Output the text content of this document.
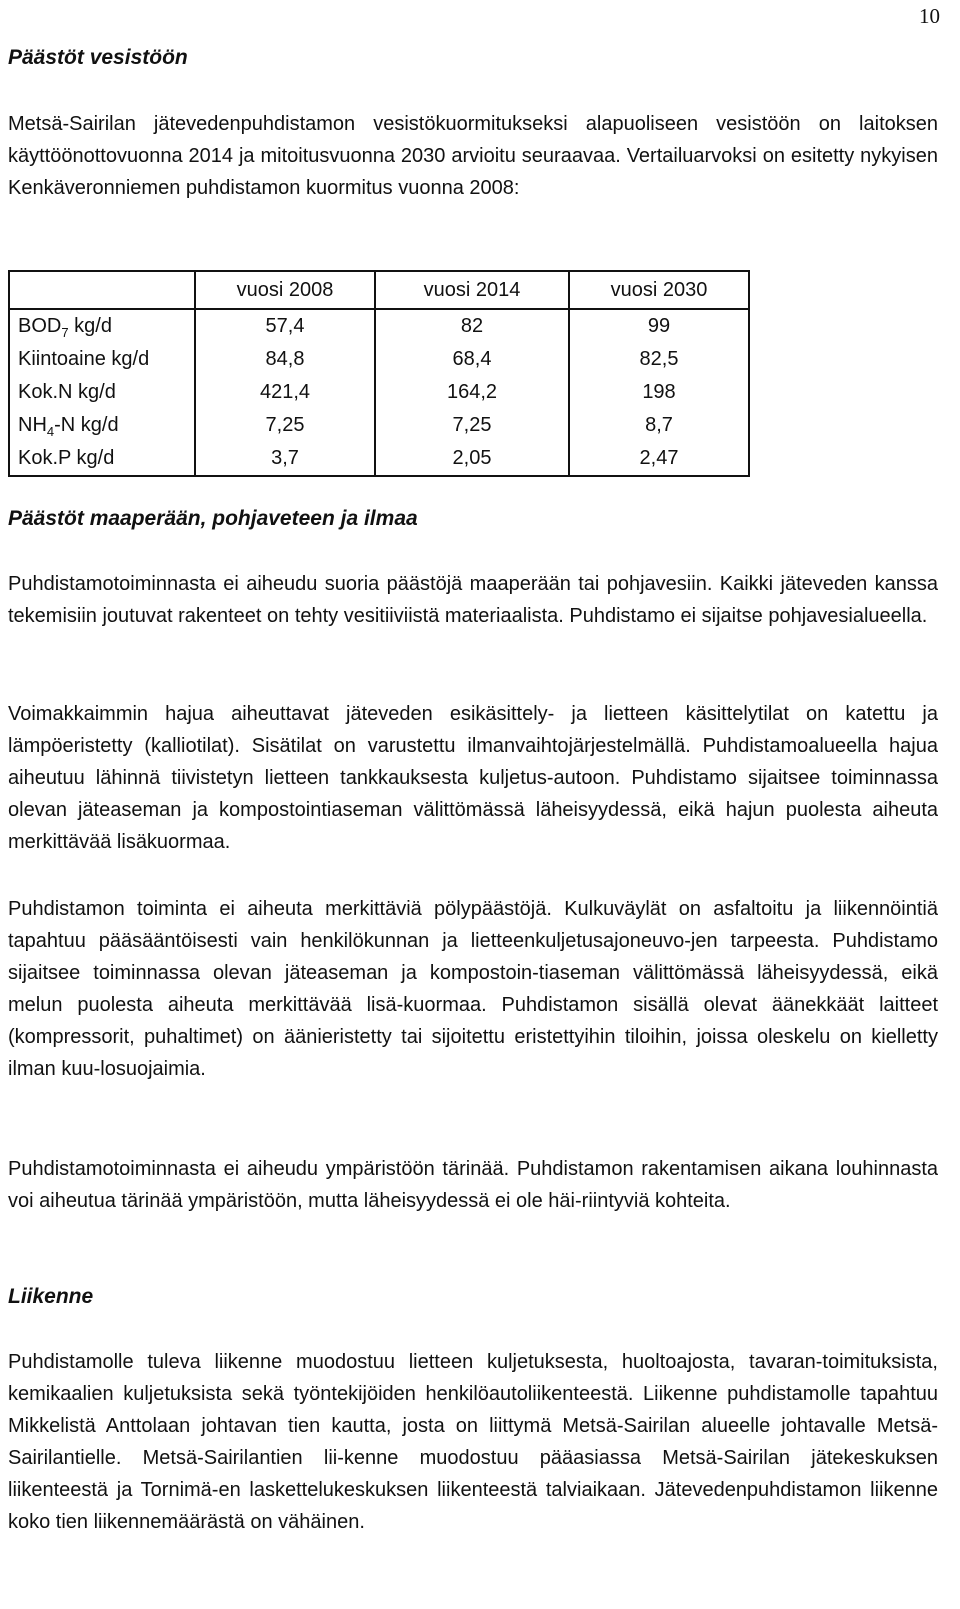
10
Päästöt vesistöön

Metsä-Sairilan jätevedenpuhdistamon vesistökuormitukseksi alapuoliseen vesistöön on laitoksen käyttöönottovuonna 2014 ja mitoitusvuonna 2030 arvioitu seuraavaa. Vertailuarvoksi on esitetty nykyisen Kenkäveronniemen puhdistamon kuormitus vuonna 2008:

	vuosi 2008	vuosi 2014	vuosi 2030
$BOD_7$ kg/d	57,4	82	99
Kiintoaine kg/d	84,8	68,4	82,5
Kok.N kg/d	421,4	164,2	198
$NH_4-N$ kg/d	7,25	7,25	8,7
Kok.P kg/d	3,7	2,05	2,47
Päästöt maaperään, pohjaveteen ja ilmaa

Puhdistamotoiminnasta ei aiheudu suoria päästöjä maaperään tai pohjavesiin. Kaikki jäteveden kanssa tekemisiin joutuvat rakenteet on tehty vesitiiviistä materiaalista. Puhdistamo ei sijaitse pohjavesialueella.

Voimakkaimmin hajua aiheuttavat jäteveden esikäsittely- ja lietteen käsittelytilat on katettu ja lämpöeristetty (kalliotilat). Sisätilat on varustettu ilmanvaihtojärjestelmällä. Puhdistamoalueella hajua aiheutuu lähinnä tiivistetyn lietteen tankkauksesta kuljetus-autoon. Puhdistamo sijaitsee toiminnassa olevan jäteaseman ja kompostointiaseman välittömässä läheisyydessä, eikä hajun puolesta aiheuta merkittävää lisäkuormaa.

Puhdistamon toiminta ei aiheuta merkittäviä pölypäästöjä. Kulkuväylät on asfaltoitu ja liikennöintiä tapahtuu pääsääntöisesti vain henkilökunnan ja lietteenkuljetusajoneuvo-jen tarpeesta. Puhdistamo sijaitsee toiminnassa olevan jäteaseman ja kompostoin-tiaseman välittömässä läheisyydessä, eikä melun puolesta aiheuta merkittävää lisä-kuormaa. Puhdistamon sisällä olevat äänekkäät laitteet (kompressorit, puhaltimet) on äänieristetty tai sijoitettu eristettyihin tiloihin, joissa oleskelu on kielletty ilman kuu-losuojaimia.

Puhdistamotoiminnasta ei aiheudu ympäristöön tärinää. Puhdistamon rakentamisen aikana louhinnasta voi aiheutua tärinää ympäristöön, mutta läheisyydessä ei ole häi-riintyviä kohteita.

Liikenne

Puhdistamolle tuleva liikenne muodostuu lietteen kuljetuksesta, huoltoajosta, tavaran-toimituksista, kemikaalien kuljetuksista sekä työntekijöiden henkilöautoliikenteestä. Liikenne puhdistamolle tapahtuu Mikkelistä Anttolaan johtavan tien kautta, josta on liittymä Metsä-Sairilan alueelle johtavalle Metsä-Sairilantielle. Metsä-Sairilantien lii-kenne muodostuu pääasiassa Metsä-Sairilan jätekeskuksen liikenteestä ja Tornimä-en laskettelukeskuksen liikenteestä talviaikaan. Jätevedenpuhdistamon liikenne koko tien liikennemäärästä on vähäinen.
